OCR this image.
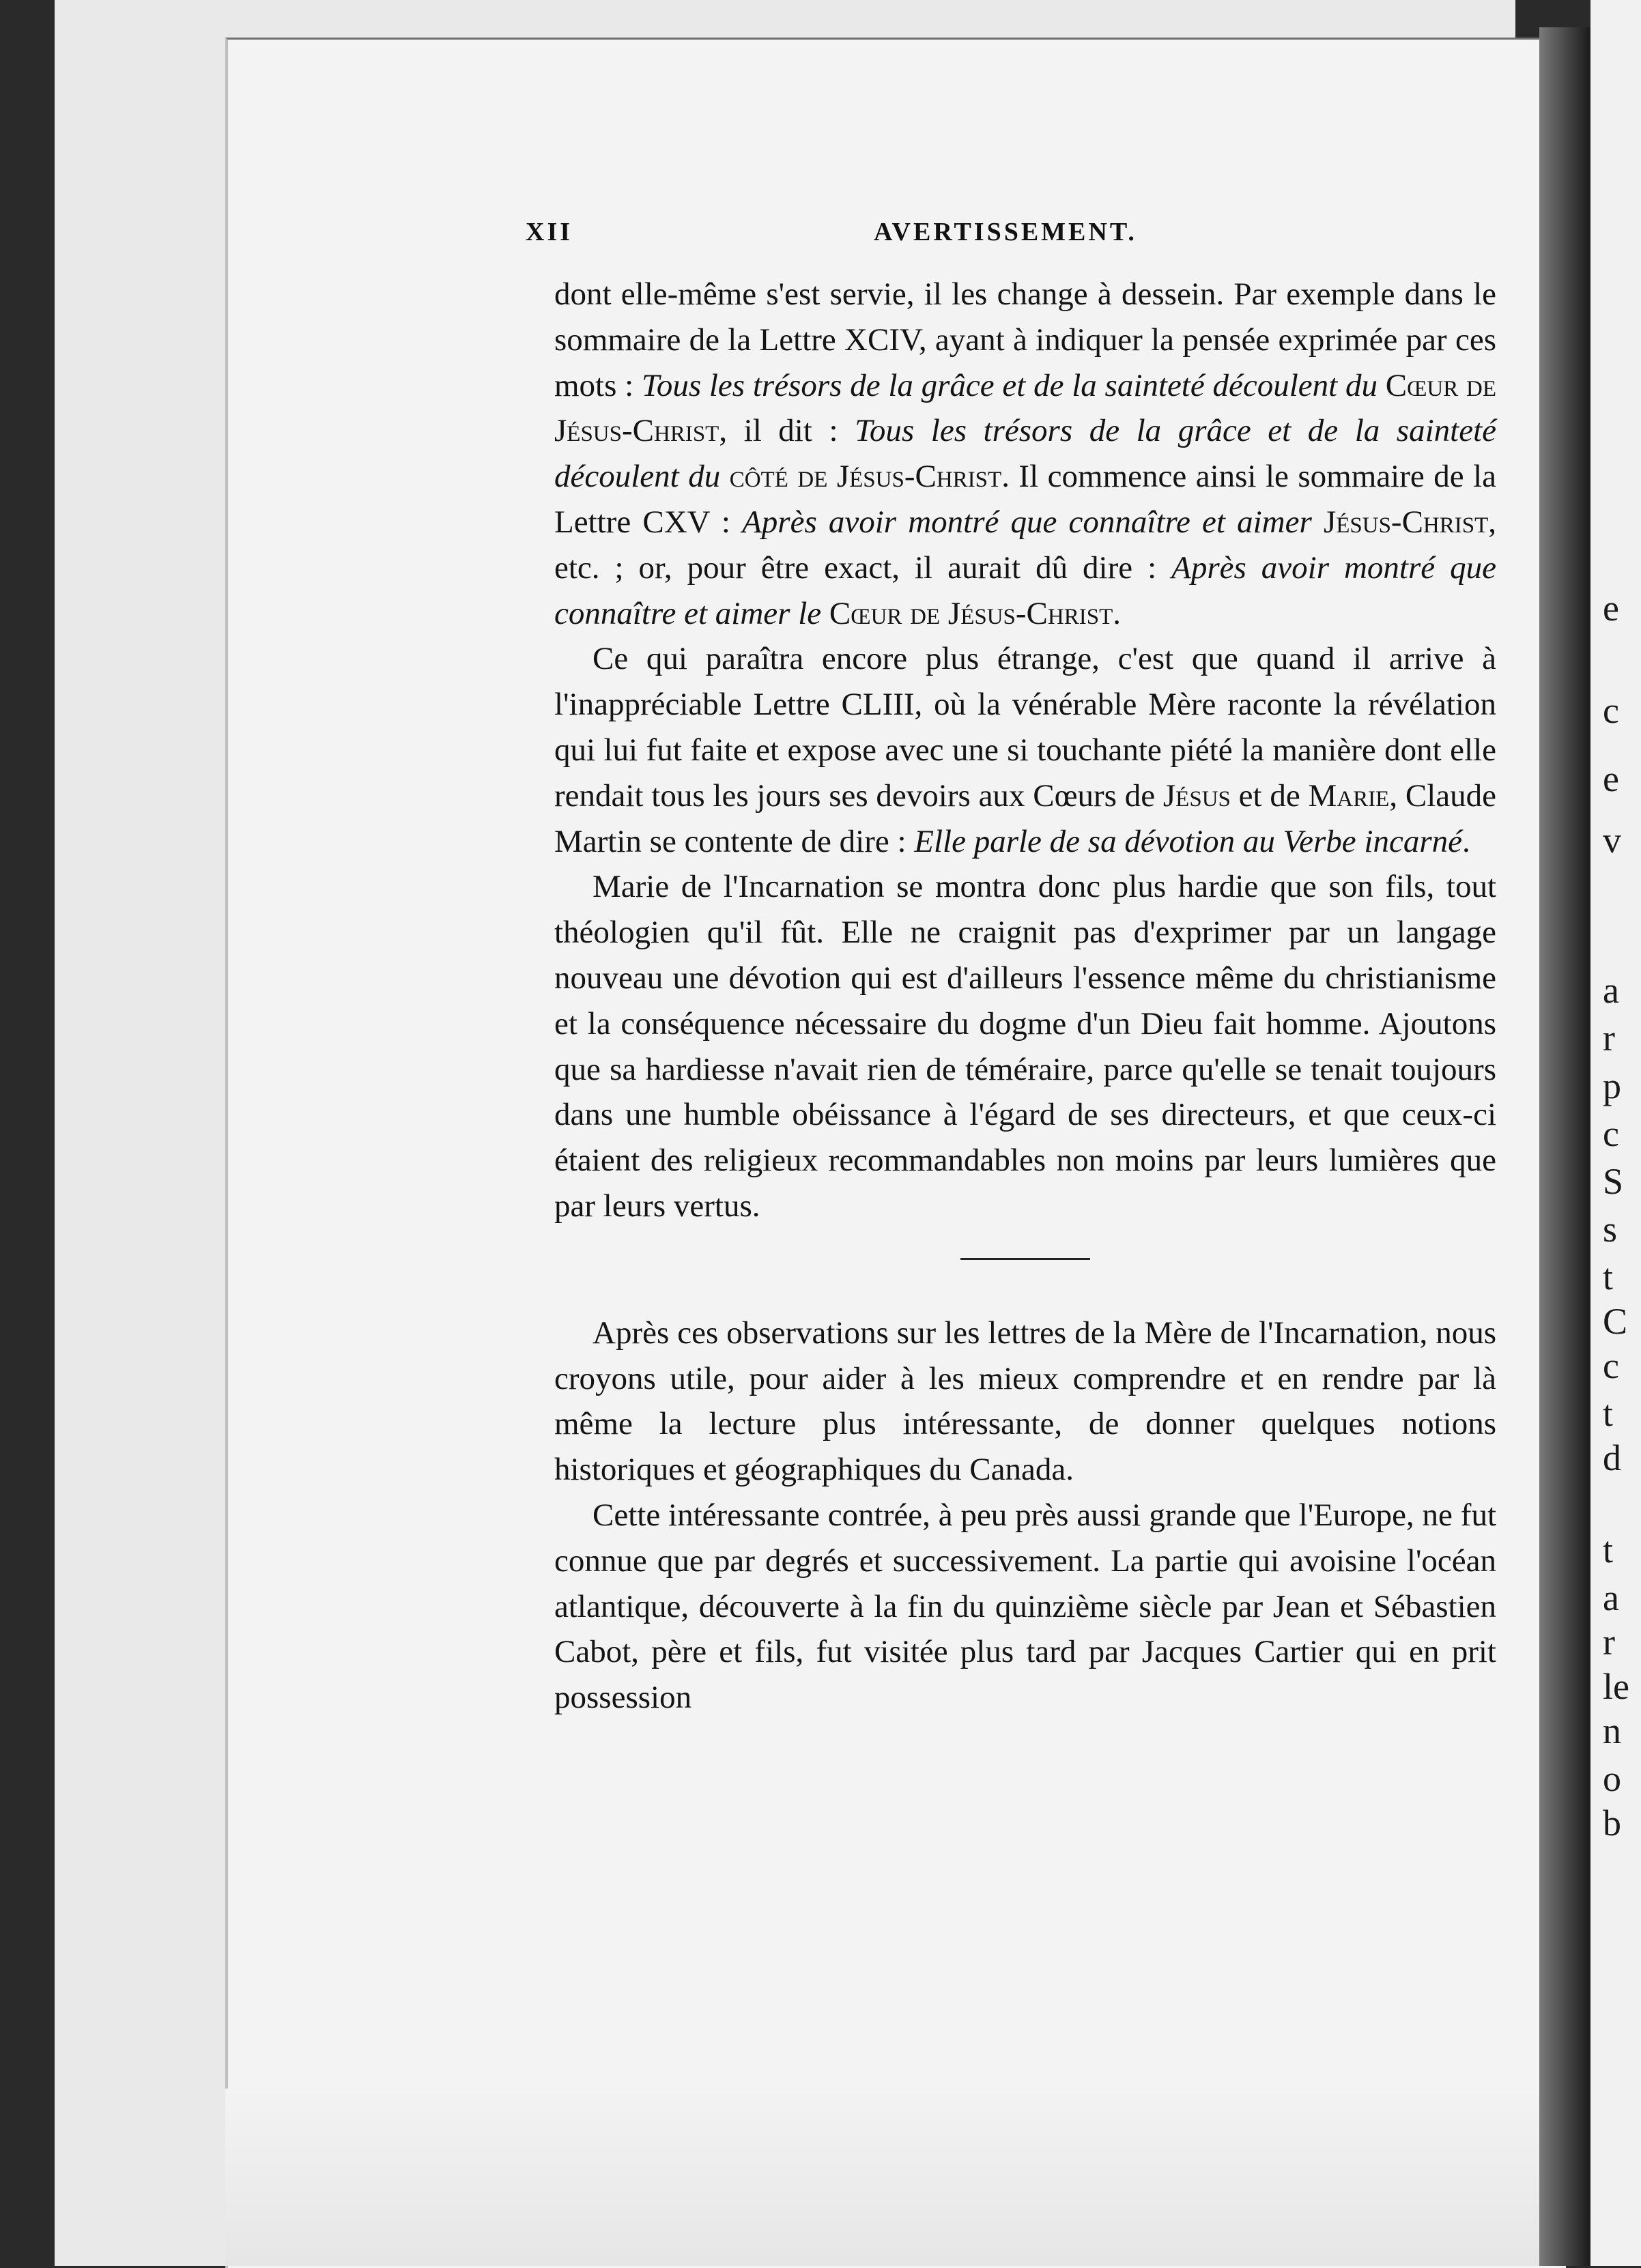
e
c
e
v
a
r
p
c
S
s
t
C
c
t
d
t
a
r
le
n
o
b
XII	AVERTISSEMENT.

dont elle-même s'est servie, il les change à dessein. Par exemple dans le sommaire de la Lettre XCIV, ayant à indiquer la pensée exprimée par ces mots : Tous les trésors de la grâce et de la sainteté découlent du Cœur de Jésus-Christ, il dit : Tous les trésors de la grâce et de la sainteté découlent du côté de Jésus-Christ. Il commence ainsi le sommaire de la Lettre CXV : Après avoir montré que connaître et aimer Jésus-Christ, etc. ; or, pour être exact, il aurait dû dire : Après avoir montré que connaître et aimer le Cœur de Jésus-Christ.

Ce qui paraîtra encore plus étrange, c'est que quand il arrive à l'inappréciable Lettre CLIII, où la vénérable Mère raconte la révélation qui lui fut faite et expose avec une si touchante piété la manière dont elle rendait tous les jours ses devoirs aux Cœurs de Jésus et de Marie, Claude Martin se contente de dire : Elle parle de sa dévotion au Verbe incarné.

Marie de l'Incarnation se montra donc plus hardie que son fils, tout théologien qu'il fût. Elle ne craignit pas d'exprimer par un langage nouveau une dévotion qui est d'ailleurs l'essence même du christianisme et la conséquence nécessaire du dogme d'un Dieu fait homme. Ajoutons que sa hardiesse n'avait rien de téméraire, parce qu'elle se tenait toujours dans une humble obéissance à l'égard de ses directeurs, et que ceux-ci étaient des religieux recommandables non moins par leurs lumières que par leurs vertus.

Après ces observations sur les lettres de la Mère de l'Incarnation, nous croyons utile, pour aider à les mieux comprendre et en rendre par là même la lecture plus intéressante, de donner quelques notions historiques et géographiques du Canada.

Cette intéressante contrée, à peu près aussi grande que l'Europe, ne fut connue que par degrés et successivement. La partie qui avoisine l'océan atlantique, découverte à la fin du quinzième siècle par Jean et Sébastien Cabot, père et fils, fut visitée plus tard par Jacques Cartier qui en prit possession
